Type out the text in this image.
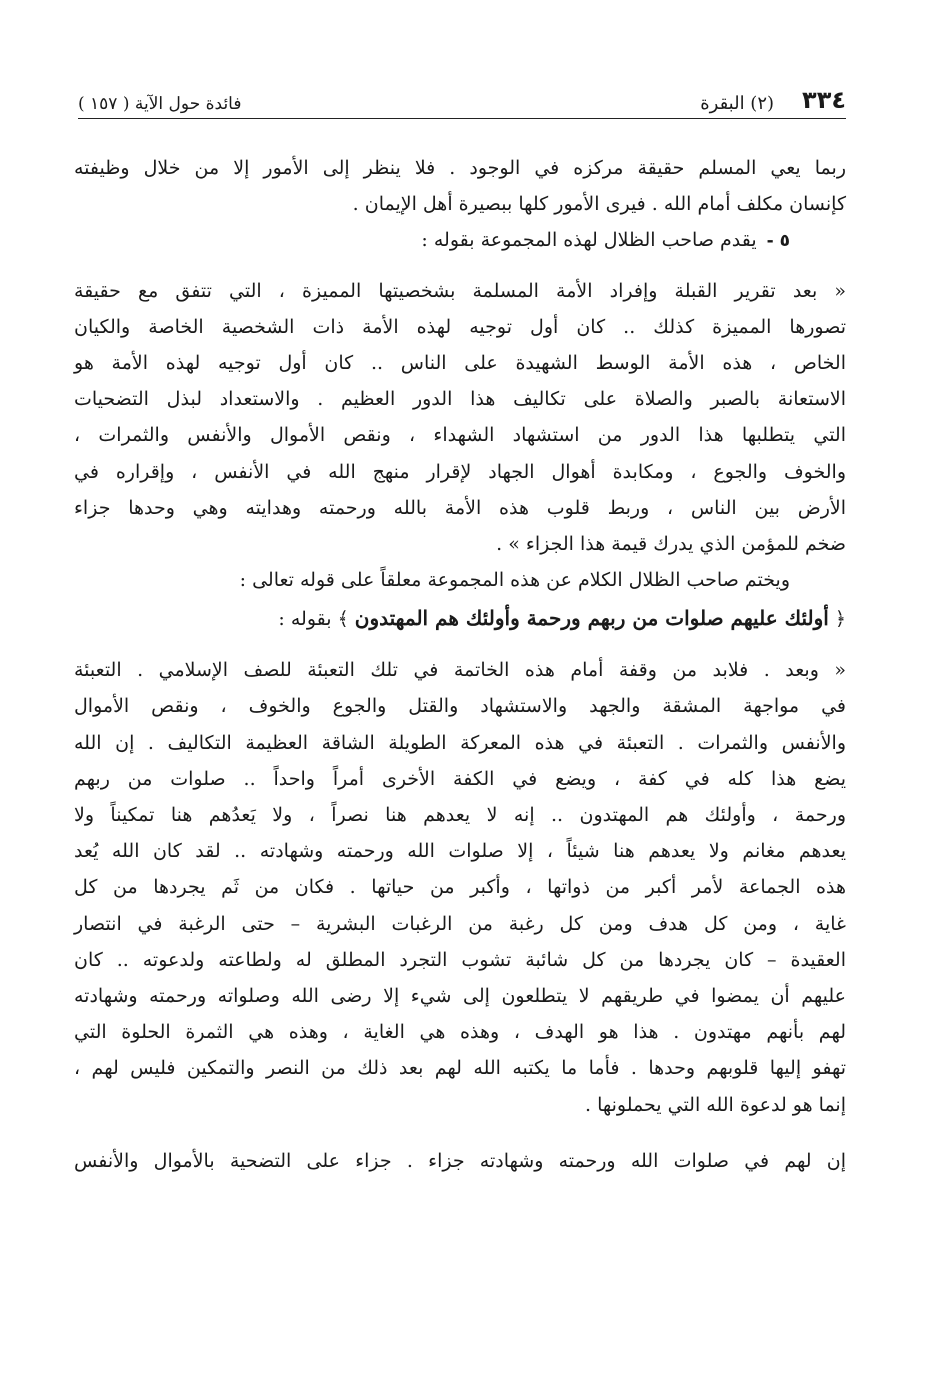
٣٣٤
(٢) البقرة
فائدة حول الآية ( ١٥٧ )
ربما يعي المسلم حقيقة مركزه في الوجود . فلا ينظر إلى الأمور إلا من خلال وظيفته
كإنسان مكلف أمام الله . فيرى الأمور كلها ببصيرة أهل الإيمان .
٥ -يقدم صاحب الظلال لهذه المجموعة بقوله :
« بعد تقرير القبلة وإفراد الأمة المسلمة بشخصيتها المميزة ، التي تتفق مع حقيقة
تصورها المميزة كذلك .. كان أول توجيه لهذه الأمة ذات الشخصية الخاصة والكيان
الخاص ، هذه الأمة الوسط الشهيدة على الناس .. كان أول توجيه لهذه الأمة هو
الاستعانة بالصبر والصلاة على تكاليف هذا الدور العظيم . والاستعداد لبذل التضحيات
التي يتطلبها هذا الدور من استشهاد الشهداء ، ونقص الأموال والأنفس والثمرات ،
والخوف والجوع ، ومكابدة أهوال الجهاد لإقرار منهج الله في الأنفس ، وإقراره في
الأرض بين الناس ، وربط قلوب هذه الأمة بالله ورحمته وهدايته وهي وحدها جزاء
ضخم للمؤمن الذي يدرك قيمة هذا الجزاء » .
ويختم صاحب الظلال الكلام عن هذه المجموعة معلقاً على قوله تعالى :
﴿ أولئك عليهم صلوات من ربهم ورحمة وأولئك هم المهتدون ﴾ بقوله :
« وبعد . فلابد من وقفة أمام هذه الخاتمة في تلك التعبئة للصف الإسلامي . التعبئة
في مواجهة المشقة والجهد والاستشهاد والقتل والجوع والخوف ، ونقص الأموال
والأنفس والثمرات . التعبئة في هذه المعركة الطويلة الشاقة العظيمة التكاليف . إن الله
يضع هذا كله في كفة ، ويضع في الكفة الأخرى أمراً واحداً .. صلوات من ربهم
ورحمة ، وأولئك هم المهتدون .. إنه لا يعدهم هنا نصراً ، ولا يَعدُهم هنا تمكيناً ولا
يعدهم مغانم ولا يعدهم هنا شيئاً ، إلا صلوات الله ورحمته وشهادته .. لقد كان الله يُعد
هذه الجماعة لأمر أكبر من ذواتها ، وأكبر من حياتها . فكان من ثَم يجردها من كل
غاية ، ومن كل هدف ومن كل رغبة من الرغبات البشرية – حتى الرغبة في انتصار
العقيدة – كان يجردها من كل شائبة تشوب التجرد المطلق له ولطاعته ولدعوته .. كان
عليهم أن يمضوا في طريقهم لا يتطلعون إلى شيء إلا رضى الله وصلواته ورحمته وشهادته
لهم بأنهم مهتدون . هذا هو الهدف ، وهذه هي الغاية ، وهذه هي الثمرة الحلوة التي
تهفو إليها قلوبهم وحدها . فأما ما يكتبه الله لهم بعد ذلك من النصر والتمكين فليس لهم ،
إنما هو لدعوة الله التي يحملونها .
إن لهم في صلوات الله ورحمته وشهادته جزاء . جزاء على التضحية بالأموال والأنفس
